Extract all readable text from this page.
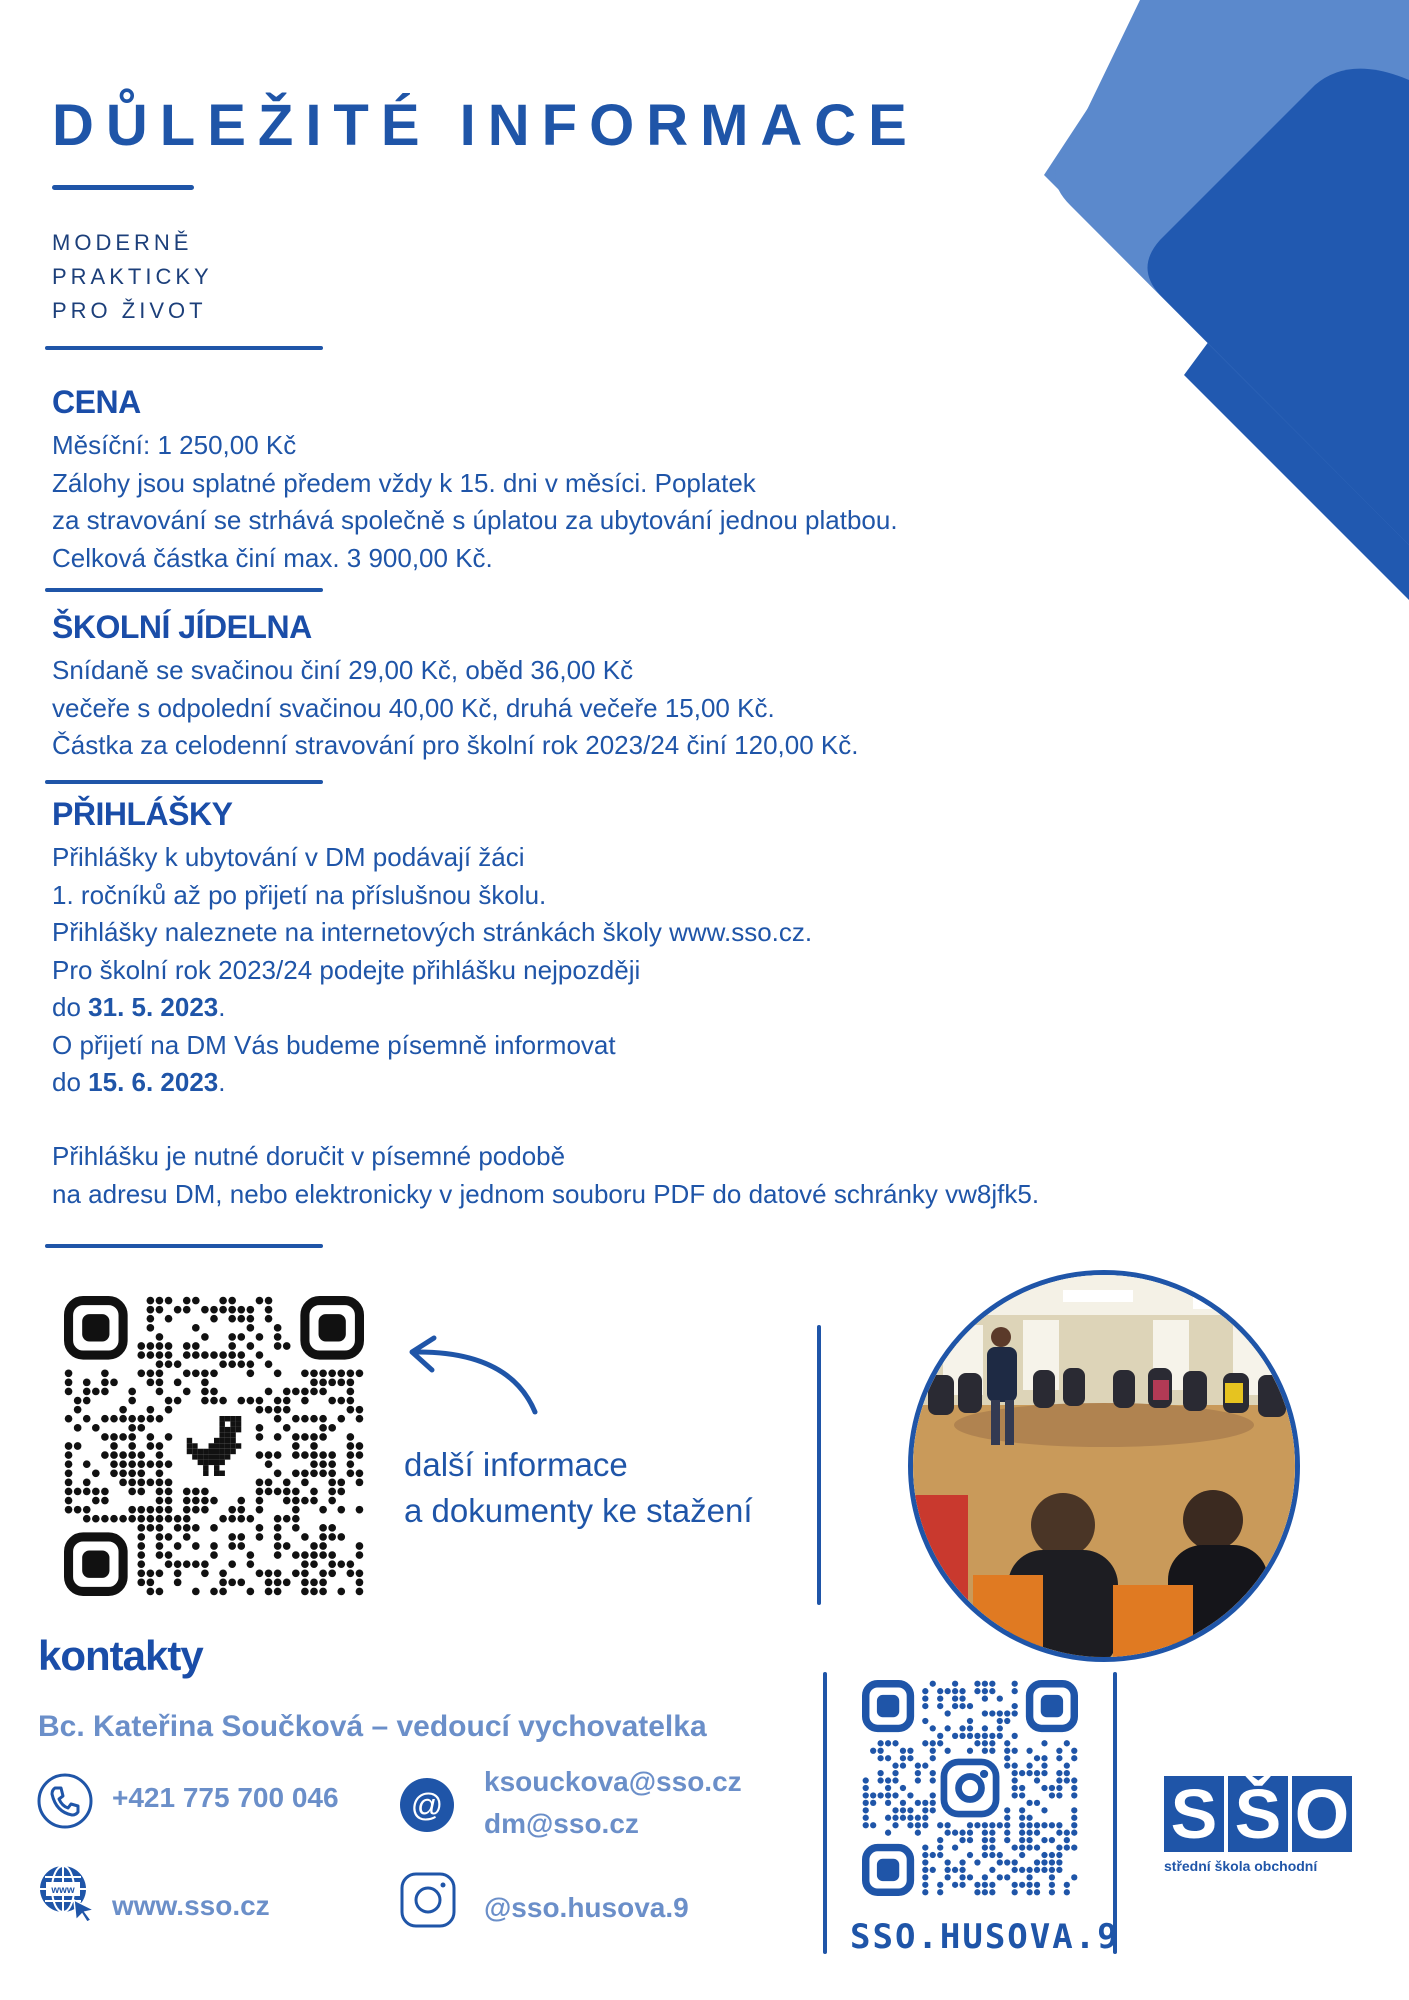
DŮLEŽITÉ INFORMACE
MODERNĚ
PRAKTICKY
PRO ŽIVOT
CENA
Měsíční: 1 250,00 Kč
Zálohy jsou splatné předem vždy k 15. dni v měsíci. Poplatek
za stravování se strhává společně s úplatou za ubytování jednou platbou.
Celková částka činí max. 3 900,00 Kč.
ŠKOLNÍ JÍDELNA
Snídaně se svačinou činí 29,00 Kč, oběd 36,00 Kč
večeře s odpolední svačinou 40,00 Kč, druhá večeře 15,00 Kč.
Částka za celodenní stravování pro školní rok 2023/24 činí 120,00 Kč.
PŘIHLÁŠKY
Přihlášky k ubytování v DM podávají žáci
1. ročníků až po přijetí na příslušnou školu.
Přihlášky naleznete na internetových stránkách školy www.sso.cz.
Pro školní rok 2023/24 podejte přihlášku nejpozději
do 31. 5. 2023.
O přijetí na DM Vás budeme písemně informovat
do 15. 6. 2023.
Přihlášku je nutné doručit v písemné podobě
na adresu DM, nebo elektronicky v jednom souboru PDF do datové schránky vw8jfk5.
další informace
a dokumenty ke stažení
kontakty
Bc. Kateřina Součková – vedoucí vychovatelka
+421 775 700 046 @
ksouckova@sso.cz
dm@sso.cz
www www.sso.cz	@sso.husova.9
SSO.HUSOVA.9
S Š O
střední škola obchodní
